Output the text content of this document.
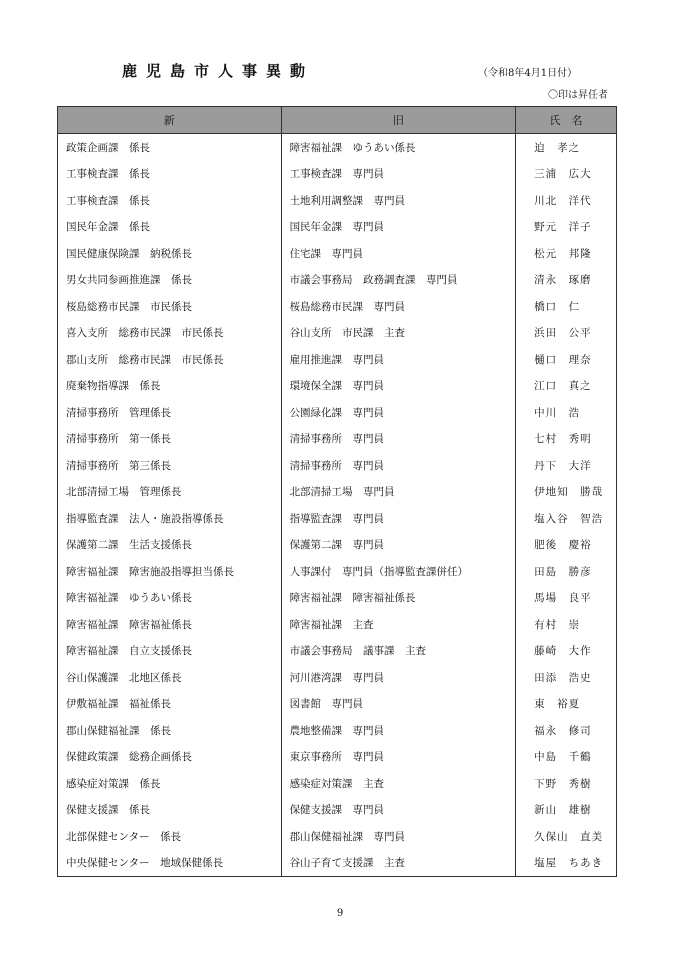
鹿児島市人事異動	（令和8年4月1日付）
〇印は昇任者
新	旧	氏　名
政策企画課　係長	障害福祉課　ゆうあい係長	迫　孝之
工事検査課　係長	工事検査課　専門員	三浦　広大
工事検査課　係長	土地利用調整課　専門員	川北　洋代
国民年金課　係長	国民年金課　専門員	野元　洋子
国民健康保険課　納税係長	住宅課　専門員	松元　邦隆
男女共同参画推進課　係長	市議会事務局　政務調査課　専門員	清永　琢磨
桜島総務市民課　市民係長	桜島総務市民課　専門員	橋口　仁
喜入支所　総務市民課　市民係長	谷山支所　市民課　主査	浜田　公平
郡山支所　総務市民課　市民係長	雇用推進課　専門員	樋口　理奈
廃棄物指導課　係長	環境保全課　専門員	江口　真之
清掃事務所　管理係長	公園緑化課　専門員	中川　浩
清掃事務所　第一係長	清掃事務所　専門員	七村　秀明
清掃事務所　第三係長	清掃事務所　専門員	丹下　大洋
北部清掃工場　管理係長	北部清掃工場　専門員	伊地知　勝哉
指導監査課　法人・施設指導係長	指導監査課　専門員	塩入谷　智浩
保護第二課　生活支援係長	保護第二課　専門員	肥後　慶裕
障害福祉課　障害施設指導担当係長	人事課付　専門員（指導監査課併任）	田島　勝彦
障害福祉課　ゆうあい係長	障害福祉課　障害福祉係長	馬場　良平
障害福祉課　障害福祉係長	障害福祉課　主査	有村　崇
障害福祉課　自立支援係長	市議会事務局　議事課　主査	藤崎　大作
谷山保護課　北地区係長	河川港湾課　専門員	田添　浩史
伊敷福祉課　福祉係長	図書館　専門員	東　裕夏
郡山保健福祉課　係長	農地整備課　専門員	福永　修司
保健政策課　総務企画係長	東京事務所　専門員	中島　千鶴
感染症対策課　係長	感染症対策課　主査	下野　秀樹
保健支援課　係長	保健支援課　専門員	新山　雄樹
北部保健センター　係長	郡山保健福祉課　専門員	久保山　直美
中央保健センター　地域保健係長	谷山子育て支援課　主査	塩屋　ちあき
9
